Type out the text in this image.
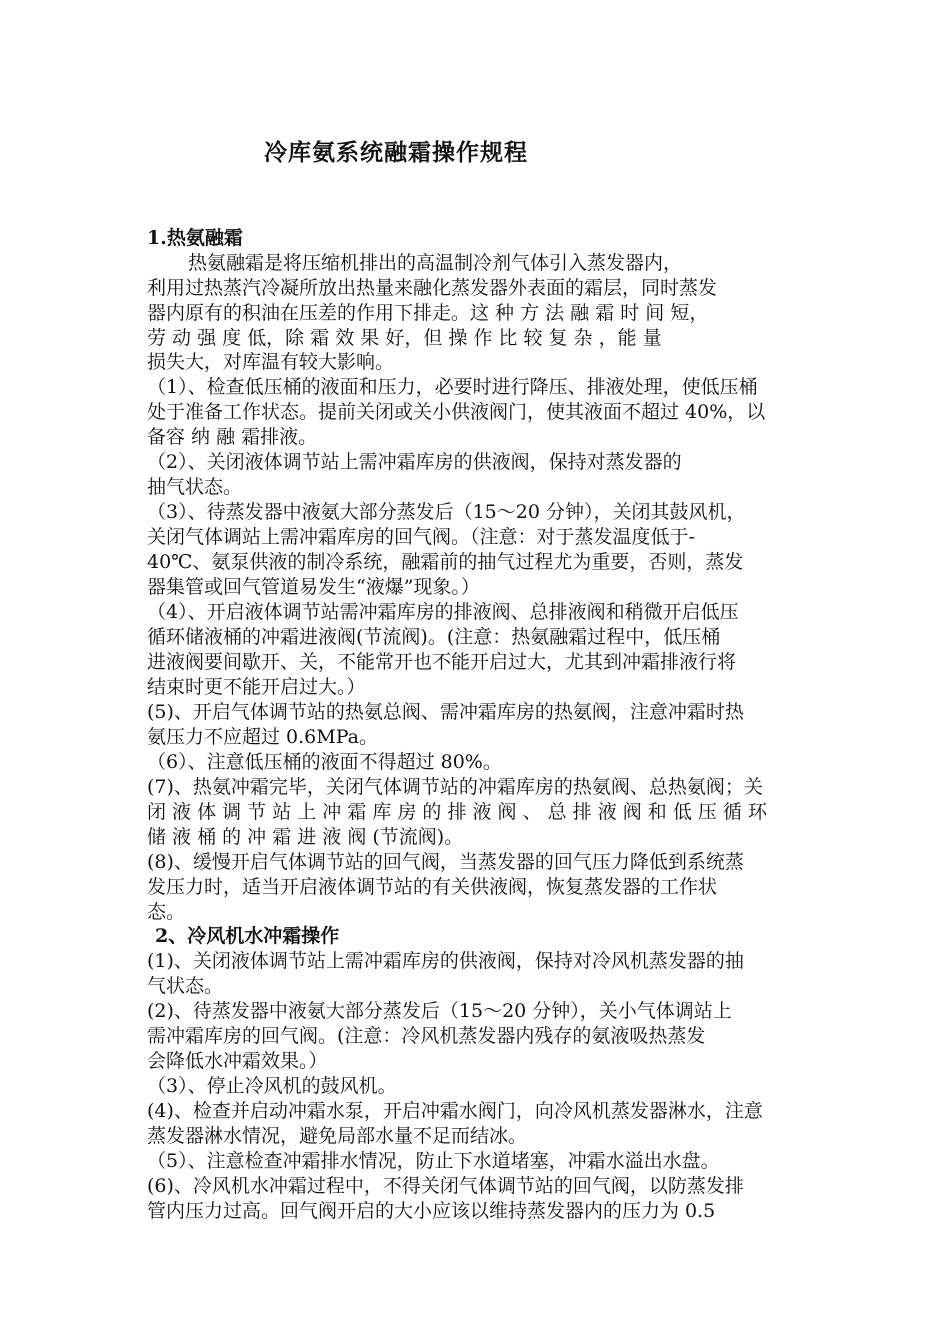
冷库氨系统融霜操作规程
1.热氨融霜
热氨融霜是将压缩机排出的高温制冷剂气体引入蒸发器内，
利用过热蒸汽冷凝所放出热量来融化蒸发器外表面的霜层，同时蒸发
器内原有的积油在压差的作用下排走。这 种 方 法 融 霜 时 间 短，
劳 动 强 度 低，除 霜 效 果 好，但 操 作 比 较 复 杂 ，能 量
损失大，对库温有较大影响。
（1）、检查低压桶的液面和压力，必要时进行降压、排液处理，使低压桶
处于准备工作状态。提前关闭或关小供液阀门，使其液面不超过 40%，以
备容 纳 融 霜排液。
（2）、关闭液体调节站上需冲霜库房的供液阀，保持对蒸发器的
抽气状态。
（3）、待蒸发器中液氨大部分蒸发后（15～20 分钟），关闭其鼓风机，
关闭气体调站上需冲霜库房的回气阀。（注意：对于蒸发温度低于-
40℃、氨泵供液的制冷系统，融霜前的抽气过程尤为重要，否则，蒸发
器集管或回气管道易发生“液爆”现象。）
（4）、开启液体调节站需冲霜库房的排液阀、总排液阀和稍微开启低压
循环储液桶的冲霜进液阀(节流阀)。(注意：热氨融霜过程中，低压桶
进液阀要间歇开、关，不能常开也不能开启过大，尤其到冲霜排液行将
结束时更不能开启过大。）
(5)、开启气体调节站的热氨总阀、需冲霜库房的热氨阀，注意冲霜时热
氨压力不应超过 0.6MPa。
（6）、注意低压桶的液面不得超过 80%。
(7)、热氨冲霜完毕，关闭气体调节站的冲霜库房的热氨阀、总热氨阀；关
闭 液 体 调 节 站 上 冲 霜 库 房 的 排 液 阀 、 总 排 液 阀 和 低 压 循 环
储 液 桶 的 冲 霜 进 液 阀 (节流阀)。
(8)、缓慢开启气体调节站的回气阀，当蒸发器的回气压力降低到系统蒸
发压力时，适当开启液体调节站的有关供液阀，恢复蒸发器的工作状
态。
2、冷风机水冲霜操作
(1)、关闭液体调节站上需冲霜库房的供液阀，保持对冷风机蒸发器的抽
气状态。
(2)、待蒸发器中液氨大部分蒸发后（15～20 分钟），关小气体调站上
需冲霜库房的回气阀。(注意：冷风机蒸发器内残存的氨液吸热蒸发
会降低水冲霜效果。）
（3）、停止冷风机的鼓风机。
(4)、检查并启动冲霜水泵，开启冲霜水阀门，向冷风机蒸发器淋水，注意
蒸发器淋水情况，避免局部水量不足而结冰。
（5）、注意检查冲霜排水情况，防止下水道堵塞，冲霜水溢出水盘。
(6)、冷风机水冲霜过程中，不得关闭气体调节站的回气阀，以防蒸发排
管内压力过高。回气阀开启的大小应该以维持蒸发器内的压力为 0.5
